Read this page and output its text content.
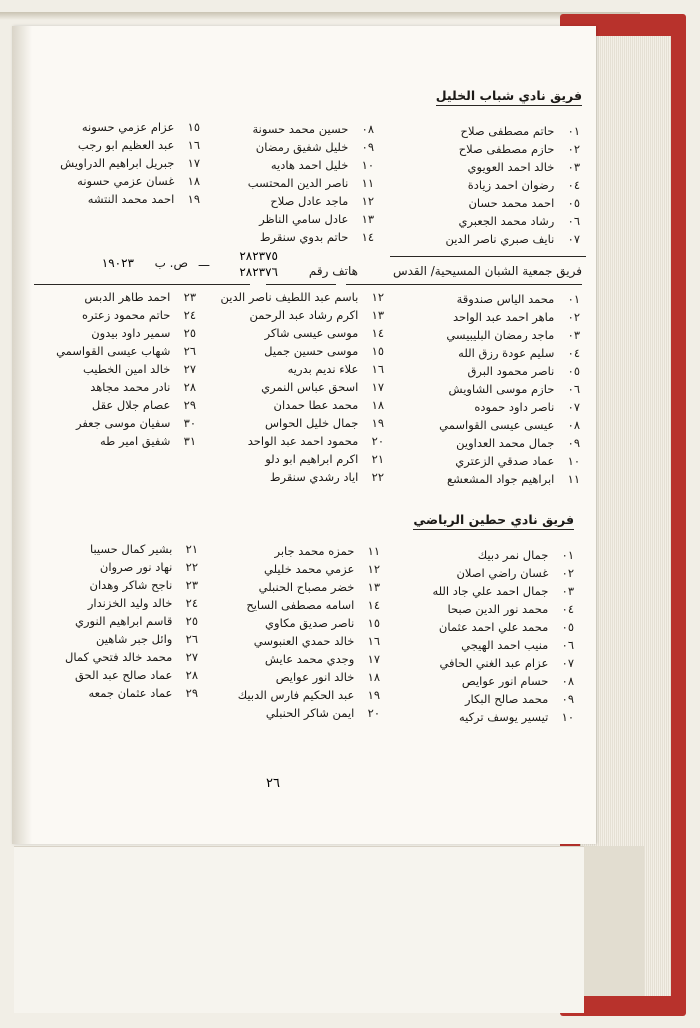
فريق نادي شباب الخليل
٠١ حاتم مصطفى صلاح
٠٢ حازم مصطفى صلاح
٠٣ خالد احمد العويوي
٠٤ رضوان احمد زيادة
٠٥ احمد محمد حسان
٠٦ رشاد محمد الجعبري
٠٧ نايف صبري ناصر الدين
٠٨ حسين محمد حسونة
٠٩ خليل شفيق رمضان
١٠ خليل احمد هاديه
١١ ناصر الدين المحتسب
١٢ ماجد عادل صلاح
١٣ عادل سامي الناظر
١٤ حاتم بدوي سنقرط
١٥ عزام عزمي حسونه
١٦ عبد العظيم ابو رجب
١٧ جبريل ابراهيم الدراويش
١٨ غسان عزمي حسونه
١٩ احمد محمد النتشه
فريق جمعية الشبان المسيحية/ القدس
هاتف رقم
٢٨٢٣٧٥
٢٨٢٣٧٦
—
ص. ب
١٩٠٢٣
٠١ محمد الياس صندوقة
٠٢ ماهر احمد عبد الواحد
٠٣ ماجد رمضان البليبيسي
٠٤ سليم عودة رزق الله
٠٥ ناصر محمود البرق
٠٦ حازم موسى الشاويش
٠٧ ناصر داود حموده
٠٨ عيسى عيسى القواسمي
٠٩ جمال محمد العداوين
١٠ عماد صدقي الزعتري
١١ ابراهيم جواد المشعشع
١٢ باسم عبد اللطيف ناصر الدين
١٣ اكرم رشاد عبد الرحمن
١٤ موسى عيسى شاكر
١٥ موسى حسين جميل
١٦ علاء نديم بدريه
١٧ اسحق عباس النمري
١٨ محمد عطا حمدان
١٩ جمال خليل الحواس
٢٠ محمود احمد عبد الواحد
٢١ اكرم ابراهيم ابو دلو
٢٢ اياد رشدي سنقرط
٢٣ احمد طاهر الدبس
٢٤ حاتم محمود زعتره
٢٥ سمير داود بيدون
٢٦ شهاب عيسى القواسمي
٢٧ خالد امين الخطيب
٢٨ نادر محمد مجاهد
٢٩ عصام جلال عقل
٣٠ سفيان موسى جعفر
٣١ شفيق امير طه
فريق نادي حطين الرياضي
٠١ جمال نمر دبيك
٠٢ غسان راضي اصلان
٠٣ جمال احمد علي جاد الله
٠٤ محمد نور الدين صبحا
٠٥ محمد علي احمد عثمان
٠٦ منيب احمد الهيجي
٠٧ عزام عبد الغني الحافي
٠٨ حسام انور عوايص
٠٩ محمد صالح البكار
١٠ تيسير يوسف تركيه
١١ حمزه محمد جابر
١٢ عزمي محمد خليلي
١٣ خضر مصباح الحنبلي
١٤ اسامه مصطفى السايح
١٥ ناصر صديق مكاوي
١٦ خالد حمدي العنبوسي
١٧ وجدي محمد عايش
١٨ خالد انور عوايص
١٩ عبد الحكيم فارس الدبيك
٢٠ ايمن شاكر الحنبلي
٢١ بشير كمال حسيبا
٢٢ نهاد نور صروان
٢٣ ناجح شاكر وهدان
٢٤ خالد وليد الخزندار
٢٥ قاسم ابراهيم النوري
٢٦ وائل جبر شاهين
٢٧ محمد خالد فتحي كمال
٢٨ عماد صالح عبد الحق
٢٩ عماد عثمان جمعه
٢٦
